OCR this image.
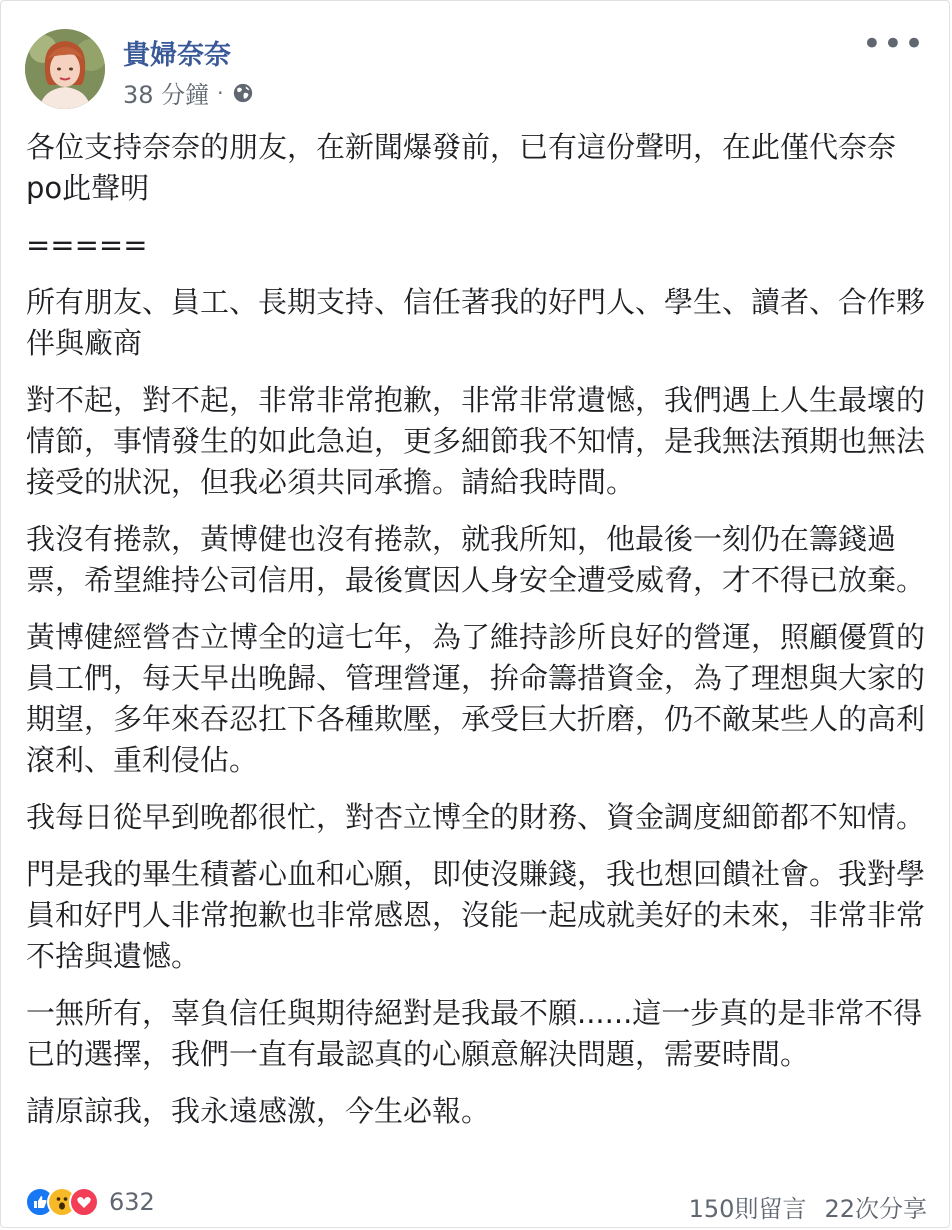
貴婦奈奈
38 分鐘 ·
•••

各位支持奈奈的朋友，在新聞爆發前，已有這份聲明，在此僅代奈奈po此聲明

=====

所有朋友、員工、長期支持、信任著我的好門人、學生、讀者、合作夥伴與廠商

對不起，對不起，非常非常抱歉，非常非常遺憾，我們遇上人生最壞的情節，事情發生的如此急迫，更多細節我不知情，是我無法預期也無法接受的狀況，但我必須共同承擔。請給我時間。

我沒有捲款，黃博健也沒有捲款，就我所知，他最後一刻仍在籌錢過票，希望維持公司信用，最後實因人身安全遭受威脅，才不得已放棄。

黃博健經營杏立博全的這七年，為了維持診所良好的營運，照顧優質的員工們，每天早出晚歸、管理營運，拚命籌措資金，為了理想與大家的期望，多年來吞忍扛下各種欺壓，承受巨大折磨，仍不敵某些人的高利滾利、重利侵佔。

我每日從早到晚都很忙，對杏立博全的財務、資金調度細節都不知情。

門是我的畢生積蓄心血和心願，即使沒賺錢，我也想回饋社會。我對學員和好門人非常抱歉也非常感恩，沒能一起成就美好的未來，非常非常不捨與遺憾。

一無所有，辜負信任與期待絕對是我最不願......這一步真的是非常不得已的選擇，我們一直有最認真的心願意解決問題，需要時間。

請原諒我，我永遠感激，今生必報。

632	150則留言 22次分享
